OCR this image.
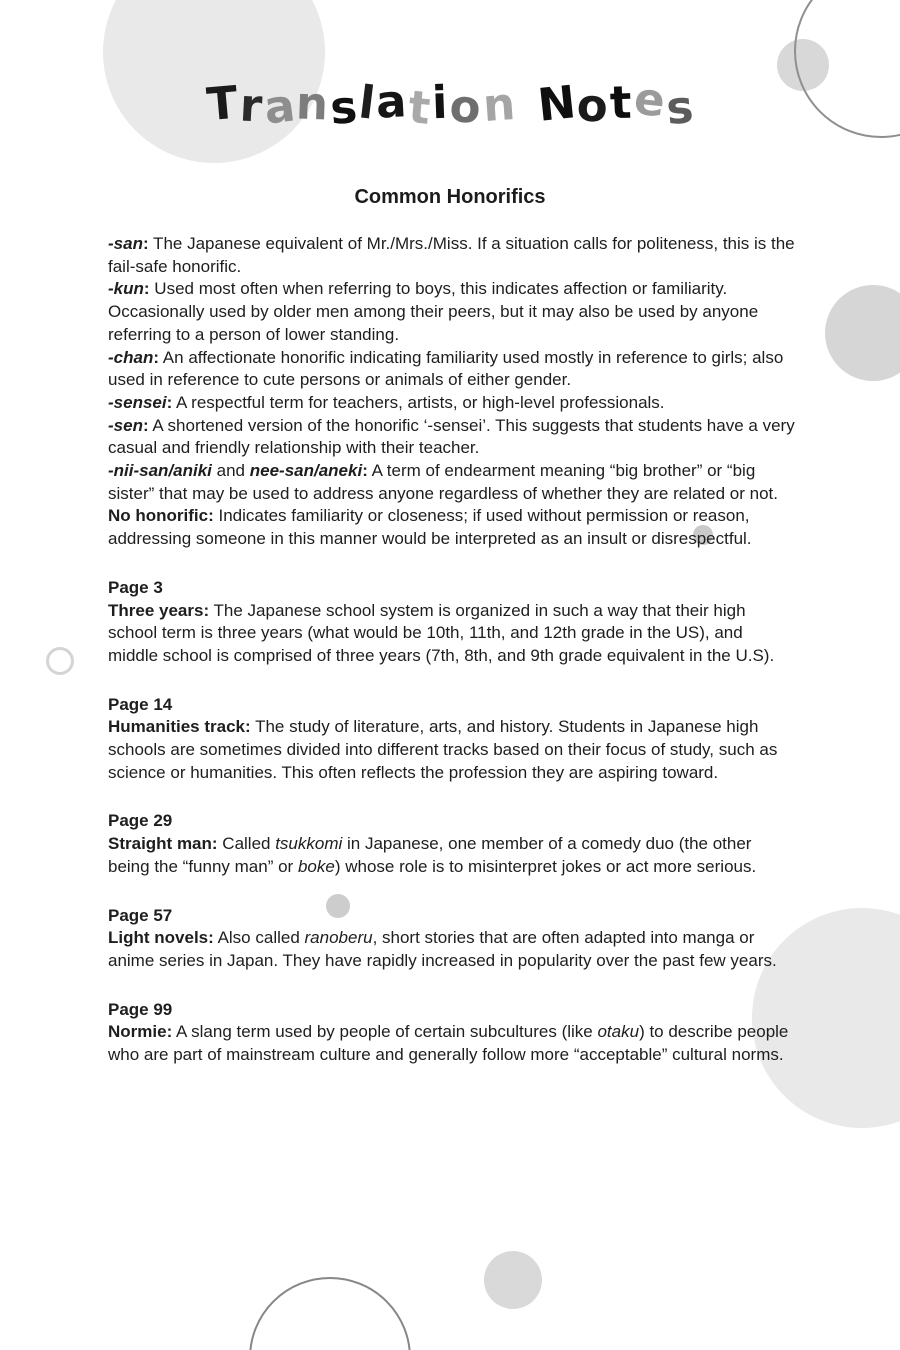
Translation Notes
Common Honorifics
-san: The Japanese equivalent of Mr./Mrs./Miss. If a situation calls for politeness, this is the fail-safe honorific.
-kun: Used most often when referring to boys, this indicates affection or familiarity. Occasionally used by older men among their peers, but it may also be used by anyone referring to a person of lower standing.
-chan: An affectionate honorific indicating familiarity used mostly in reference to girls; also used in reference to cute persons or animals of either gender.
-sensei: A respectful term for teachers, artists, or high-level professionals.
-sen: A shortened version of the honorific ‘-sensei’. This suggests that students have a very casual and friendly relationship with their teacher.
-nii-san/aniki and nee-san/aneki: A term of endearment meaning “big brother” or “big sister” that may be used to address anyone regardless of whether they are related or not.
No honorific: Indicates familiarity or closeness; if used without permission or reason, addressing someone in this manner would be interpreted as an insult or disrespectful.
Page 3
Three years: The Japanese school system is organized in such a way that their high school term is three years (what would be 10th, 11th, and 12th grade in the US), and middle school is comprised of three years (7th, 8th, and 9th grade equivalent in the U.S).
Page 14
Humanities track: The study of literature, arts, and history. Students in Japanese high schools are sometimes divided into different tracks based on their focus of study, such as science or humanities. This often reflects the profession they are aspiring toward.
Page 29
Straight man: Called tsukkomi in Japanese, one member of a comedy duo (the other being the “funny man” or boke) whose role is to misinterpret jokes or act more serious.
Page 57
Light novels: Also called ranoberu, short stories that are often adapted into manga or anime series in Japan. They have rapidly increased in popularity over the past few years.
Page 99
Normie: A slang term used by people of certain subcultures (like otaku) to describe people who are part of mainstream culture and generally follow more “acceptable” cultural norms.
